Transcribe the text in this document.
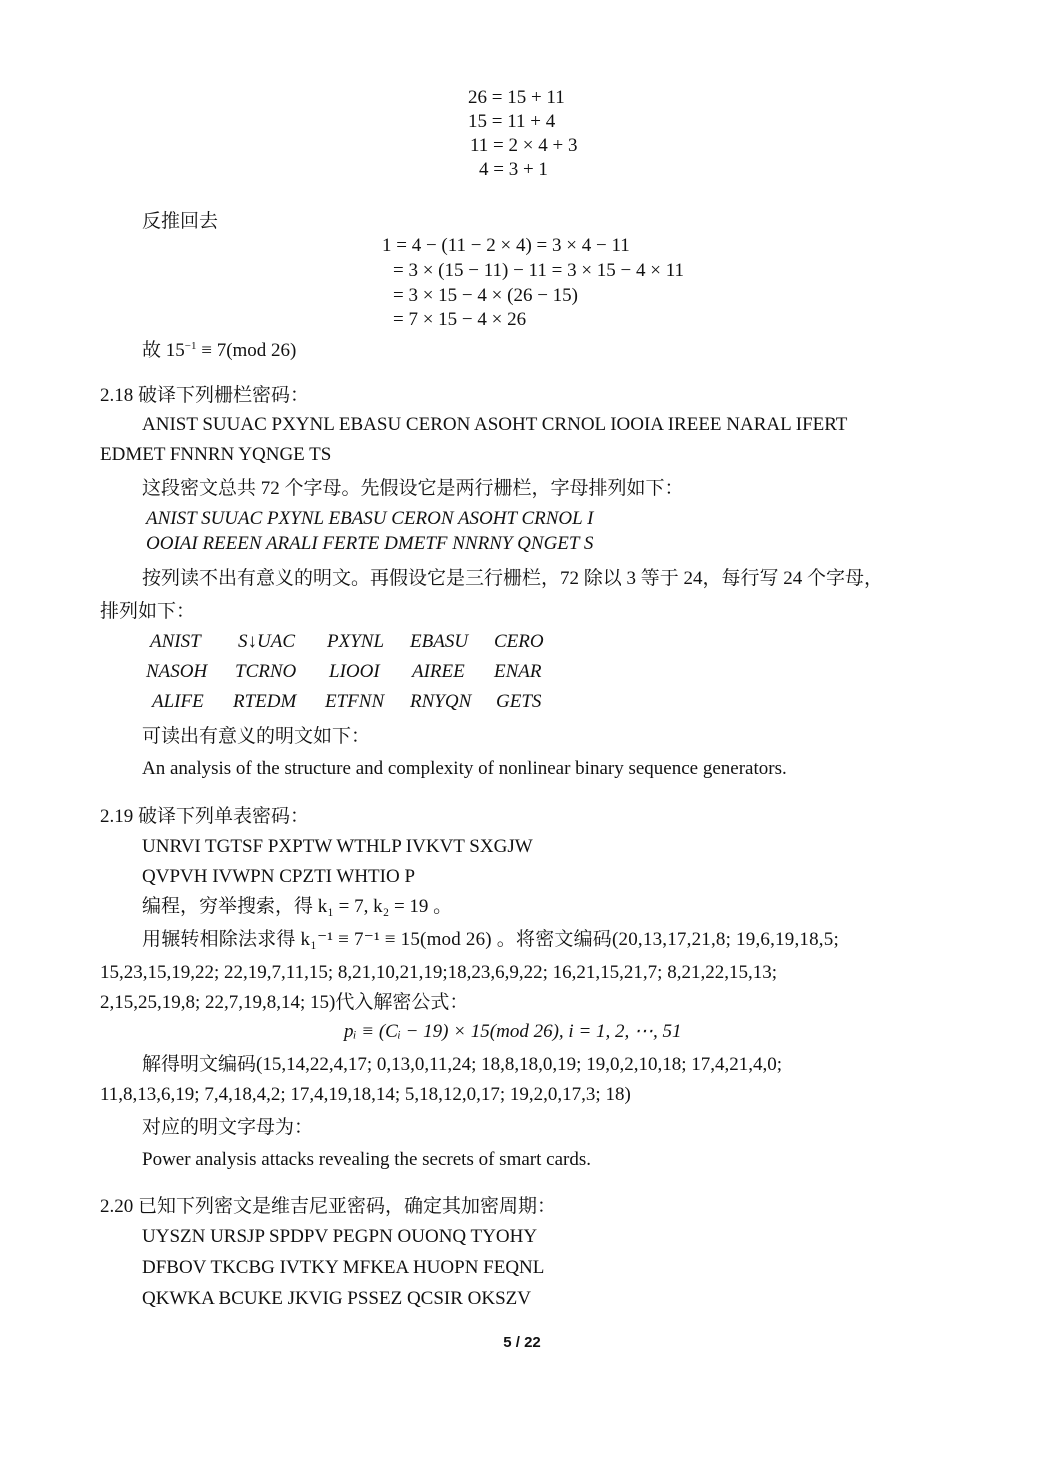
26 = 15 + 11
15 = 11 + 4
11 = 2 × 4 + 3
4 = 3 + 1
反推回去
1 = 4 − (11 − 2 × 4) = 3 × 4 − 11
= 3 × (15 − 11) − 11 = 3 × 15 − 4 × 11
= 3 × 15 − 4 × (26 − 15)
= 7 × 15 − 4 × 26
故 $15^{-1} \equiv 7(mod$ 26)
2.18 破译下列栅栏密码：
ANIST SUUAC PXYNL EBASU CERON ASOHT CRNOL IOOIA IREEE NARAL IFERT
EDMET FNNRN YQNGE TS
这段密文总共 72 个字母。先假设它是两行栅栏，字母排列如下：
ANIST SUUAC PXYNL EBASU CERON ASOHT CRNOL I
OOIAI REEEN ARALI FERTE DMETF NNRNY QNGET S
按列读不出有意义的明文。再假设它是三行栅栏，72 除以 3 等于 24，每行写 24 个字母，
排列如下：
ANIST S↓UAC PXYNL EBASU CERO
NASOH TCRNO LIOOI AIREE ENAR
ALIFE RTEDM ETFNN RNYQN GETS
可读出有意义的明文如下：
An analysis of the structure and complexity of nonlinear binary sequence generators.
2.19 破译下列单表密码：
UNRVI TGTSF PXPTW WTHLP IVKVT SXGJW
QVPVH IVWPN CPZTI WHTIO P
编程，穷举搜索，得 k₁ = 7, k₂ = 19 。
用辗转相除法求得 k₁⁻¹ ≡ 7⁻¹ ≡ 15(mod 26) 。将密文编码(20,13,17,21,8; 19,6,19,18,5;
15,23,15,19,22; 22,19,7,11,15; 8,21,10,21,19;18,23,6,9,22; 16,21,15,21,7; 8,21,22,15,13;
2,15,25,19,8; 22,7,19,8,14; 15)代入解密公式：
pᵢ ≡ (Cᵢ − 19) × 15(mod 26), i = 1, 2, ⋯, 51
解得明文编码(15,14,22,4,17; 0,13,0,11,24; 18,8,18,0,19; 19,0,2,10,18; 17,4,21,4,0;
11,8,13,6,19; 7,4,18,4,2; 17,4,19,18,14; 5,18,12,0,17; 19,2,0,17,3; 18)
对应的明文字母为：
Power analysis attacks revealing the secrets of smart cards.
2.20 已知下列密文是维吉尼亚密码，确定其加密周期：
UYSZN URSJP SPDPV PEGPN OUONQ TYOHY
DFBOV TKCBG IVTKY MFKEA HUOPN FEQNL
QKWKA BCUKE JKVIG PSSEZ QCSIR OKSZV
5 / 22
